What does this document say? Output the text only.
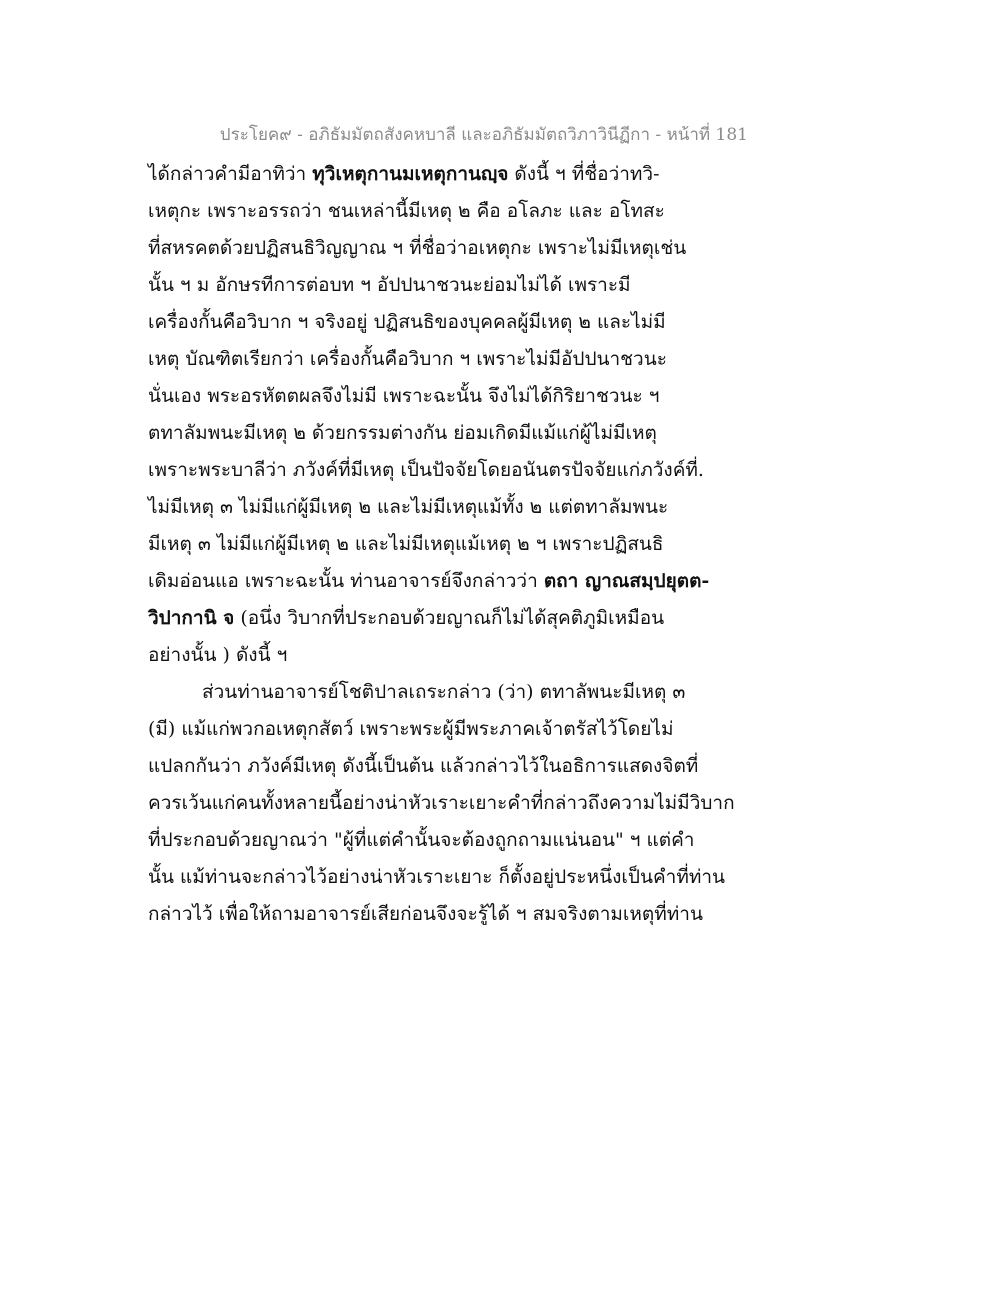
ประโยค๙ - อภิธัมมัตถสังคหบาลี และอภิธัมมัตถวิภาวินีฏีกา - หน้าที่ 181
ได้กล่าวคำมีอาทิว่า ทุวิเหตุกานมเหตุกานญฺจ ดังนี้ ฯ ที่ชื่อว่าทวิ-
เหตุกะ เพราะอรรถว่า ชนเหล่านี้มีเหตุ ๒ คือ อโลภะ และ อโทสะ
ที่สหรคตด้วยปฏิสนธิวิญญาณ ฯ ที่ชื่อว่าอเหตุกะ เพราะไม่มีเหตุเช่น
นั้น ฯ ม อักษรทีการต่อบท ฯ อัปปนาชวนะย่อมไม่ได้ เพราะมี
เครื่องกั้นคือวิบาก ฯ จริงอยู่ ปฏิสนธิของบุคคลผู้มีเหตุ ๒ และไม่มี
เหตุ บัณฑิตเรียกว่า เครื่องกั้นคือวิบาก ฯ เพราะไม่มีอัปปนาชวนะ
นั่นเอง พระอรหัตตผลจึงไม่มี เพราะฉะนั้น จึงไม่ได้กิริยาชวนะ ฯ
ตทาลัมพนะมีเหตุ ๒ ด้วยกรรมต่างกัน ย่อมเกิดมีแม้แก่ผู้ไม่มีเหตุ
เพราะพระบาลีว่า ภวังค์ที่มีเหตุ เป็นปัจจัยโดยอนันตรปัจจัยแก่ภวังค์ที่.
ไม่มีเหตุ ๓ ไม่มีแก่ผู้มีเหตุ ๒ และไม่มีเหตุแม้ทั้ง ๒ แต่ตทาลัมพนะ
มีเหตุ ๓ ไม่มีแก่ผู้มีเหตุ ๒ และไม่มีเหตุแม้เหตุ ๒ ฯ เพราะปฏิสนธิ
เดิมอ่อนแอ เพราะฉะนั้น ท่านอาจารย์จึงกล่าวว่า ตถา ญาณสมฺปยุตต-
วิปากานิ จ (อนึ่ง วิบากที่ประกอบด้วยญาณก็ไม่ได้สุคติภูมิเหมือน
อย่างนั้น ) ดังนี้ ฯ
ส่วนท่านอาจารย์โชติปาลเถระกล่าว (ว่า) ตทาลัพนะมีเหตุ ๓
(มี) แม้แก่พวกอเหตุกสัตว์ เพราะพระผู้มีพระภาคเจ้าตรัสไว้โดยไม่
แปลกกันว่า ภวังค์มีเหตุ ดังนี้เป็นต้น แล้วกล่าวไว้ในอธิการแสดงจิตที่
ควรเว้นแก่คนทั้งหลายนี้อย่างน่าหัวเราะเยาะคำที่กล่าวถึงความไม่มีวิบาก
ที่ประกอบด้วยญาณว่า "ผู้ที่แต่คำนั้นจะต้องถูกถามแน่นอน" ฯ แต่คำ
นั้น แม้ท่านจะกล่าวไว้อย่างน่าหัวเราะเยาะ ก็ตั้งอยู่ประหนึ่งเป็นคำที่ท่าน
กล่าวไว้ เพื่อให้ถามอาจารย์เสียก่อนจึงจะรู้ได้ ฯ สมจริงตามเหตุที่ท่าน
